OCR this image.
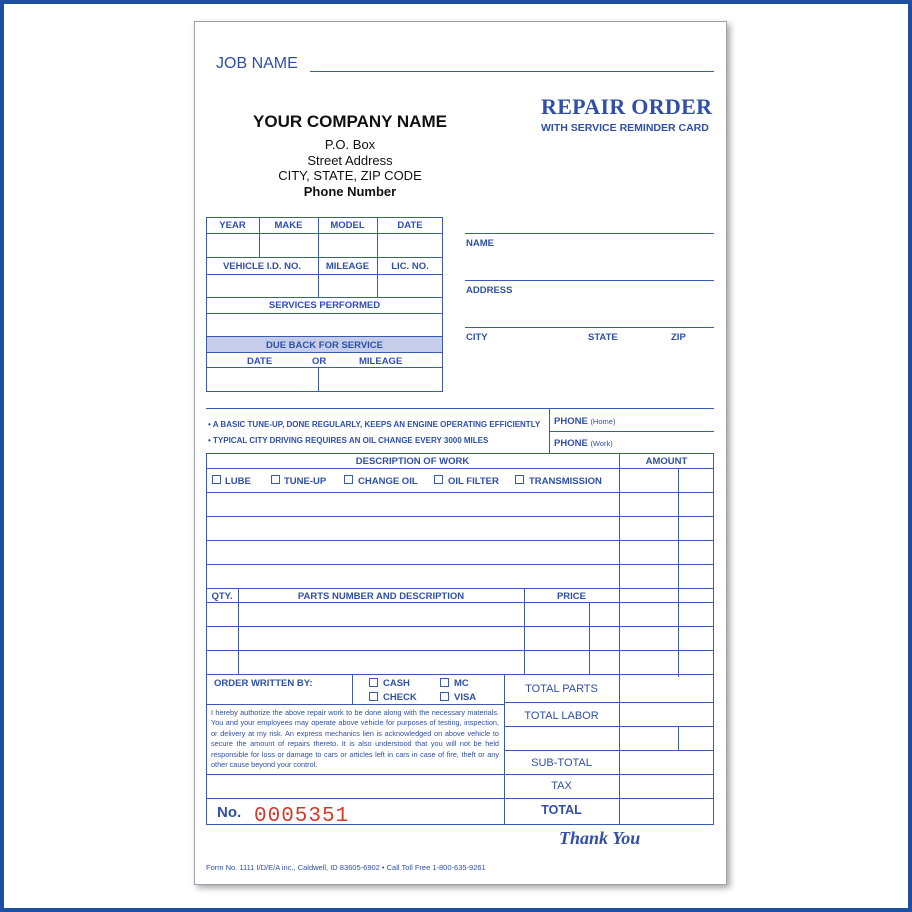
JOB NAME
YOUR COMPANY NAME
P.O. Box
Street Address
CITY, STATE, ZIP CODE
Phone Number
REPAIR ORDER
WITH SERVICE REMINDER CARD
YEAR	MAKE	MODEL	DATE
VEHICLE I.D. NO.	MILEAGE	LIC. NO.
SERVICES PERFORMED
DUE BACK FOR SERVICE
DATE	OR	MILEAGE
NAME
ADDRESS
CITY	STATE	ZIP
• A BASIC TUNE-UP, DONE REGULARLY, KEEPS AN ENGINE OPERATING EFFICIENTLY
• TYPICAL CITY DRIVING REQUIRES AN OIL CHANGE EVERY 3000 MILES
PHONE (Home)
PHONE (Work)
DESCRIPTION OF WORK	AMOUNT
LUBE	TUNE-UP	CHANGE OIL	OIL FILTER	TRANSMISSION
QTY.	PARTS NUMBER AND DESCRIPTION	PRICE
ORDER WRITTEN BY:	CASH	MC
CHECK	VISA
I hereby authorize the above repair work to be done along with the necessary materials. You and your employees may operate above vehicle for purposes of testing, inspection, or delivery at my risk. An express mechanics lien is acknowledged on above vehicle to secure the amount of repairs thereto. It is also understood that you will not be held responsible for loss or damage to cars or articles left in cars in case of fire, theft or any other cause beyond your control.
TOTAL PARTS
TOTAL LABOR
SUB-TOTAL
TAX
TOTAL
No. 0005351
Thank You
Form No. 1111 I/D/E/A inc., Caldwell, ID 83605-6902 • Call Toll Free 1-800-635-9261
